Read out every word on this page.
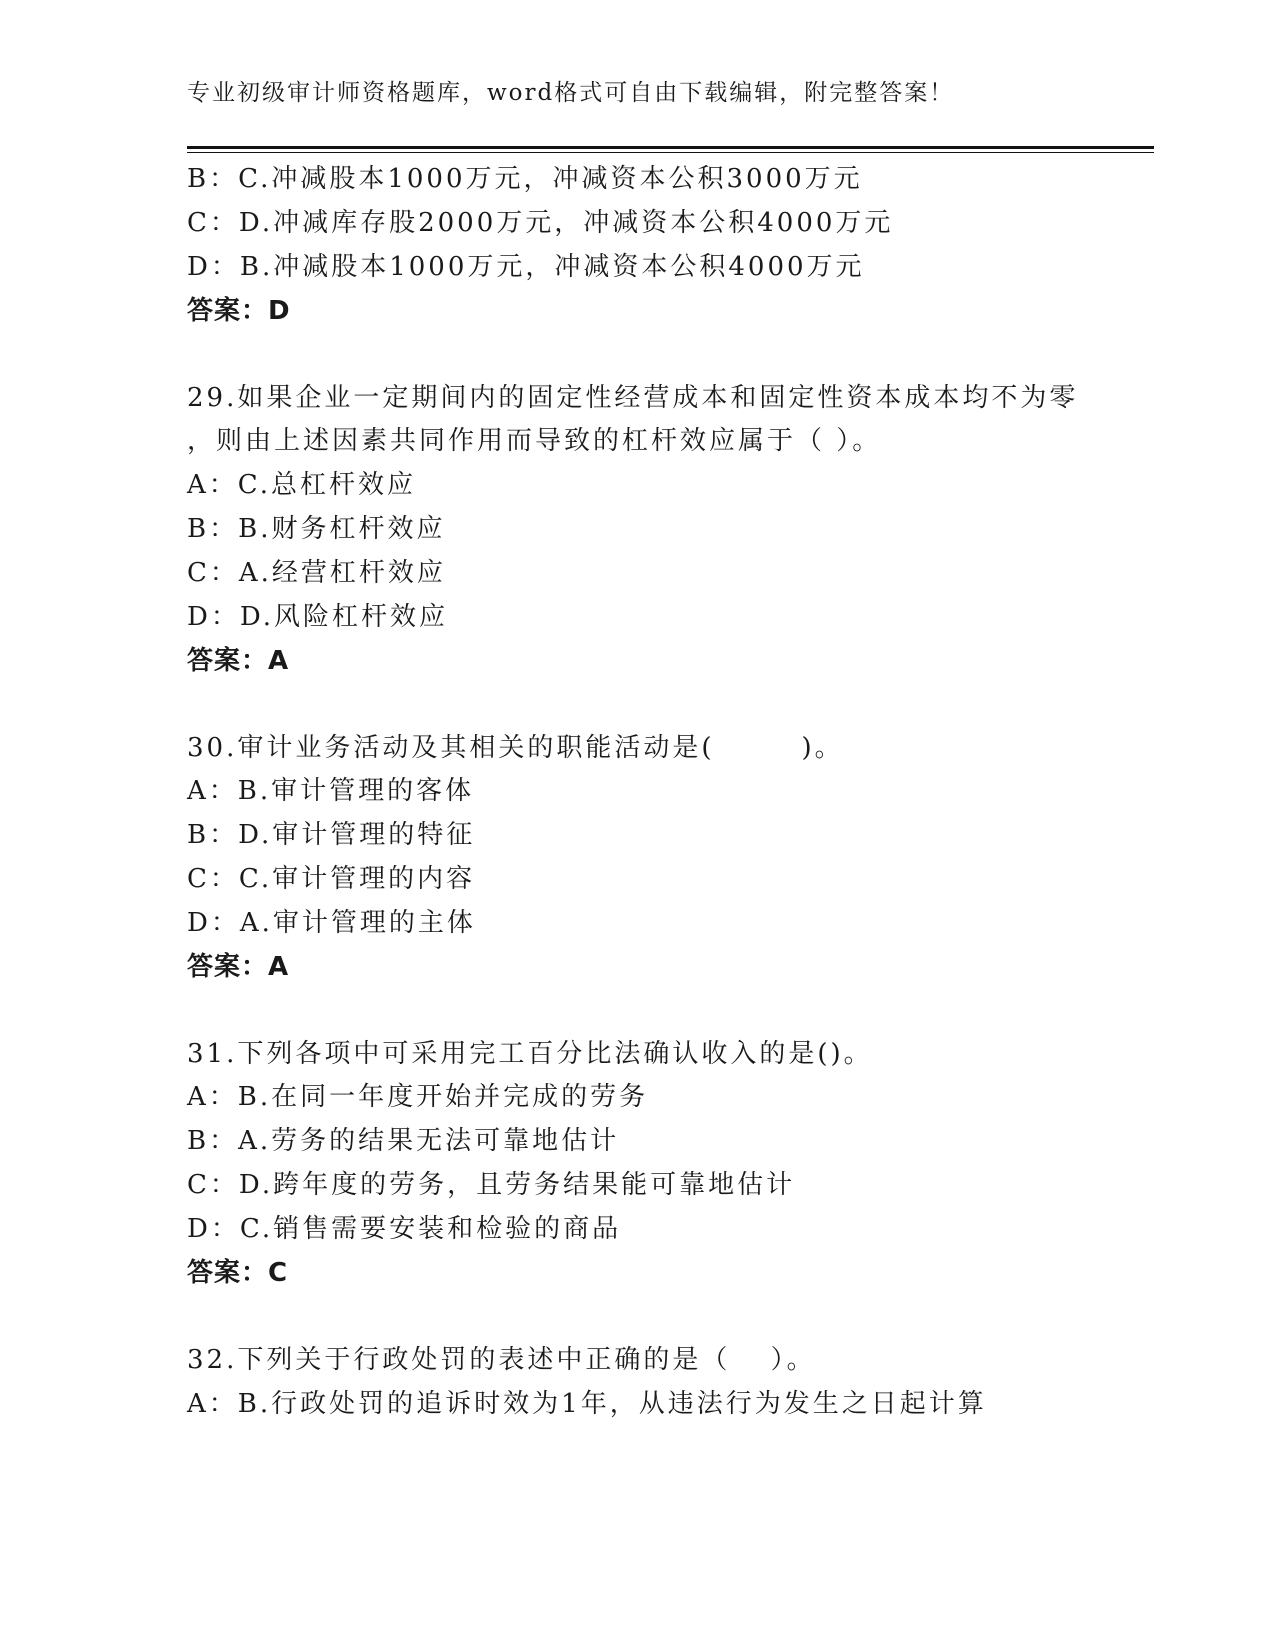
专业初级审计师资格题库，word格式可自由下载编辑，附完整答案！
B：C.冲减股本1000万元，冲减资本公积3000万元
C：D.冲减库存股2000万元，冲减资本公积4000万元
D：B.冲减股本1000万元，冲减资本公积4000万元
答案：D
29.如果企业一定期间内的固定性经营成本和固定性资本成本均不为零
，则由上述因素共同作用而导致的杠杆效应属于（ ）。
A：C.总杠杆效应
B：B.财务杠杆效应
C：A.经营杠杆效应
D：D.风险杠杆效应
答案：A
30.审计业务活动及其相关的职能活动是(　　　)。
A：B.审计管理的客体
B：D.审计管理的特征
C：C.审计管理的内容
D：A.审计管理的主体
答案：A
31.下列各项中可采用完工百分比法确认收入的是()。
A：B.在同一年度开始并完成的劳务
B：A.劳务的结果无法可靠地估计
C：D.跨年度的劳务，且劳务结果能可靠地估计
D：C.销售需要安装和检验的商品
答案：C
32.下列关于行政处罚的表述中正确的是（　 ）。
A：B.行政处罚的追诉时效为1年，从违法行为发生之日起计算
